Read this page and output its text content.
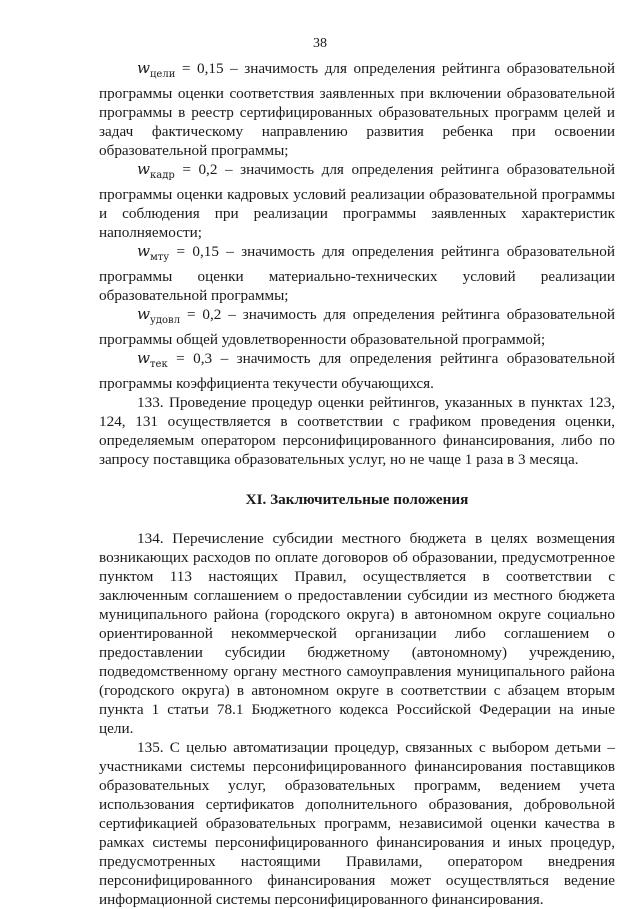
38

$w_{цели} = 0,15$ – значимость для определения рейтинга образовательной программы оценки соответствия заявленных при включении образовательной программы в реестр сертифицированных образовательных программ целей и задач фактическому направлению развития ребенка при освоении образовательной программы;

$w_{кадр} = 0,2$ – значимость для определения рейтинга образовательной программы оценки кадровых условий реализации образовательной программы и соблюдения при реализации программы заявленных характеристик наполняемости;

$w_{мту} = 0,15$ – значимость для определения рейтинга образовательной программы оценки материально-технических условий реализации образовательной программы;

$w_{удовл} = 0,2$ – значимость для определения рейтинга образовательной программы общей удовлетворенности образовательной программой;

$w_{тек} = 0,3$ – значимость для определения рейтинга образовательной программы коэффициента текучести обучающихся.

133. Проведение процедур оценки рейтингов, указанных в пунктах 123, 124, 131 осуществляется в соответствии с графиком проведения оценки, определяемым оператором персонифицированного финансирования, либо по запросу поставщика образовательных услуг, но не чаще 1 раза в 3 месяца.

XI. Заключительные положения

134. Перечисление субсидии местного бюджета в целях возмещения возникающих расходов по оплате договоров об образовании, предусмотренное пунктом 113 настоящих Правил, осуществляется в соответствии с заключенным соглашением о предоставлении субсидии из местного бюджета муниципального района (городского округа) в автономном округе социально ориентированной некоммерческой организации либо соглашением о предоставлении субсидии бюджетному (автономному) учреждению, подведомственному органу местного самоуправления муниципального района (городского округа) в автономном округе в соответствии с абзацем вторым пункта 1 статьи 78.1 Бюджетного кодекса Российской Федерации на иные цели.

135. С целью автоматизации процедур, связанных с выбором детьми – участниками системы персонифицированного финансирования поставщиков образовательных услуг, образовательных программ, ведением учета использования сертификатов дополнительного образования, добровольной сертификацией образовательных программ, независимой оценки качества в рамках системы персонифицированного финансирования и иных процедур, предусмотренных настоящими Правилами, оператором внедрения персонифицированного финансирования может осуществляться ведение информационной системы персонифицированного финансирования.
